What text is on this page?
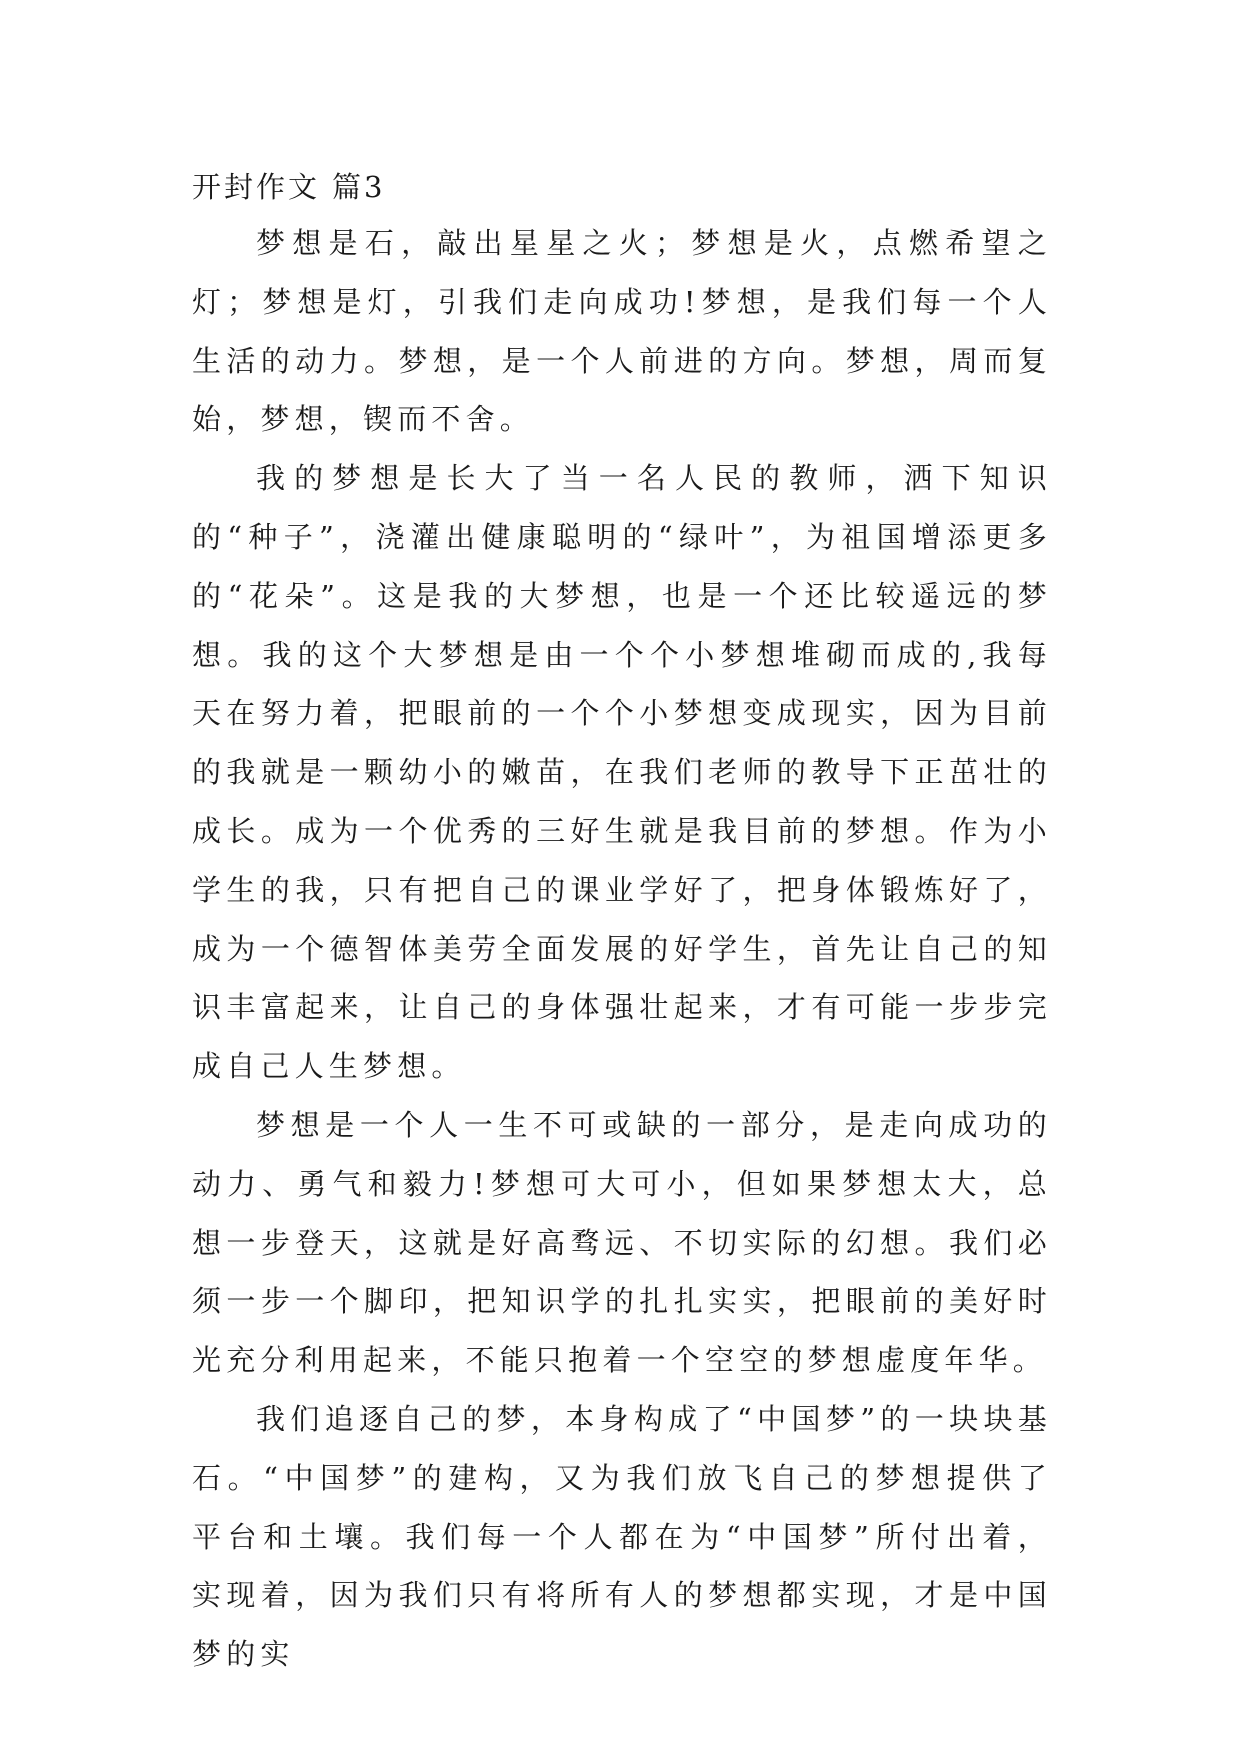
开封作文 篇3

梦想是石，敲出星星之火；梦想是火，点燃希望之灯；梦想是灯，引我们走向成功!梦想，是我们每一个人生活的动力。梦想，是一个人前进的方向。梦想，周而复始，梦想，锲而不舍。

我的梦想是长大了当一名人民的教师，洒下知识的“种子”，浇灌出健康聪明的“绿叶”，为祖国增添更多的“花朵”。这是我的大梦想，也是一个还比较遥远的梦想。我的这个大梦想是由一个个小梦想堆砌而成的,我每天在努力着，把眼前的一个个小梦想变成现实，因为目前的我就是一颗幼小的嫩苗，在我们老师的教导下正茁壮的成长。成为一个优秀的三好生就是我目前的梦想。作为小学生的我，只有把自己的课业学好了，把身体锻炼好了，成为一个德智体美劳全面发展的好学生，首先让自己的知识丰富起来，让自己的身体强壮起来，才有可能一步步完成自己人生梦想。

梦想是一个人一生不可或缺的一部分，是走向成功的动力、勇气和毅力!梦想可大可小，但如果梦想太大，总想一步登天，这就是好高骛远、不切实际的幻想。我们必须一步一个脚印，把知识学的扎扎实实，把眼前的美好时光充分利用起来，不能只抱着一个空空的梦想虚度年华。

我们追逐自己的梦，本身构成了“中国梦”的一块块基石。“中国梦”的建构，又为我们放飞自己的梦想提供了平台和土壤。我们每一个人都在为“中国梦”所付出着，实现着，因为我们只有将所有人的梦想都实现，才是中国梦的实
